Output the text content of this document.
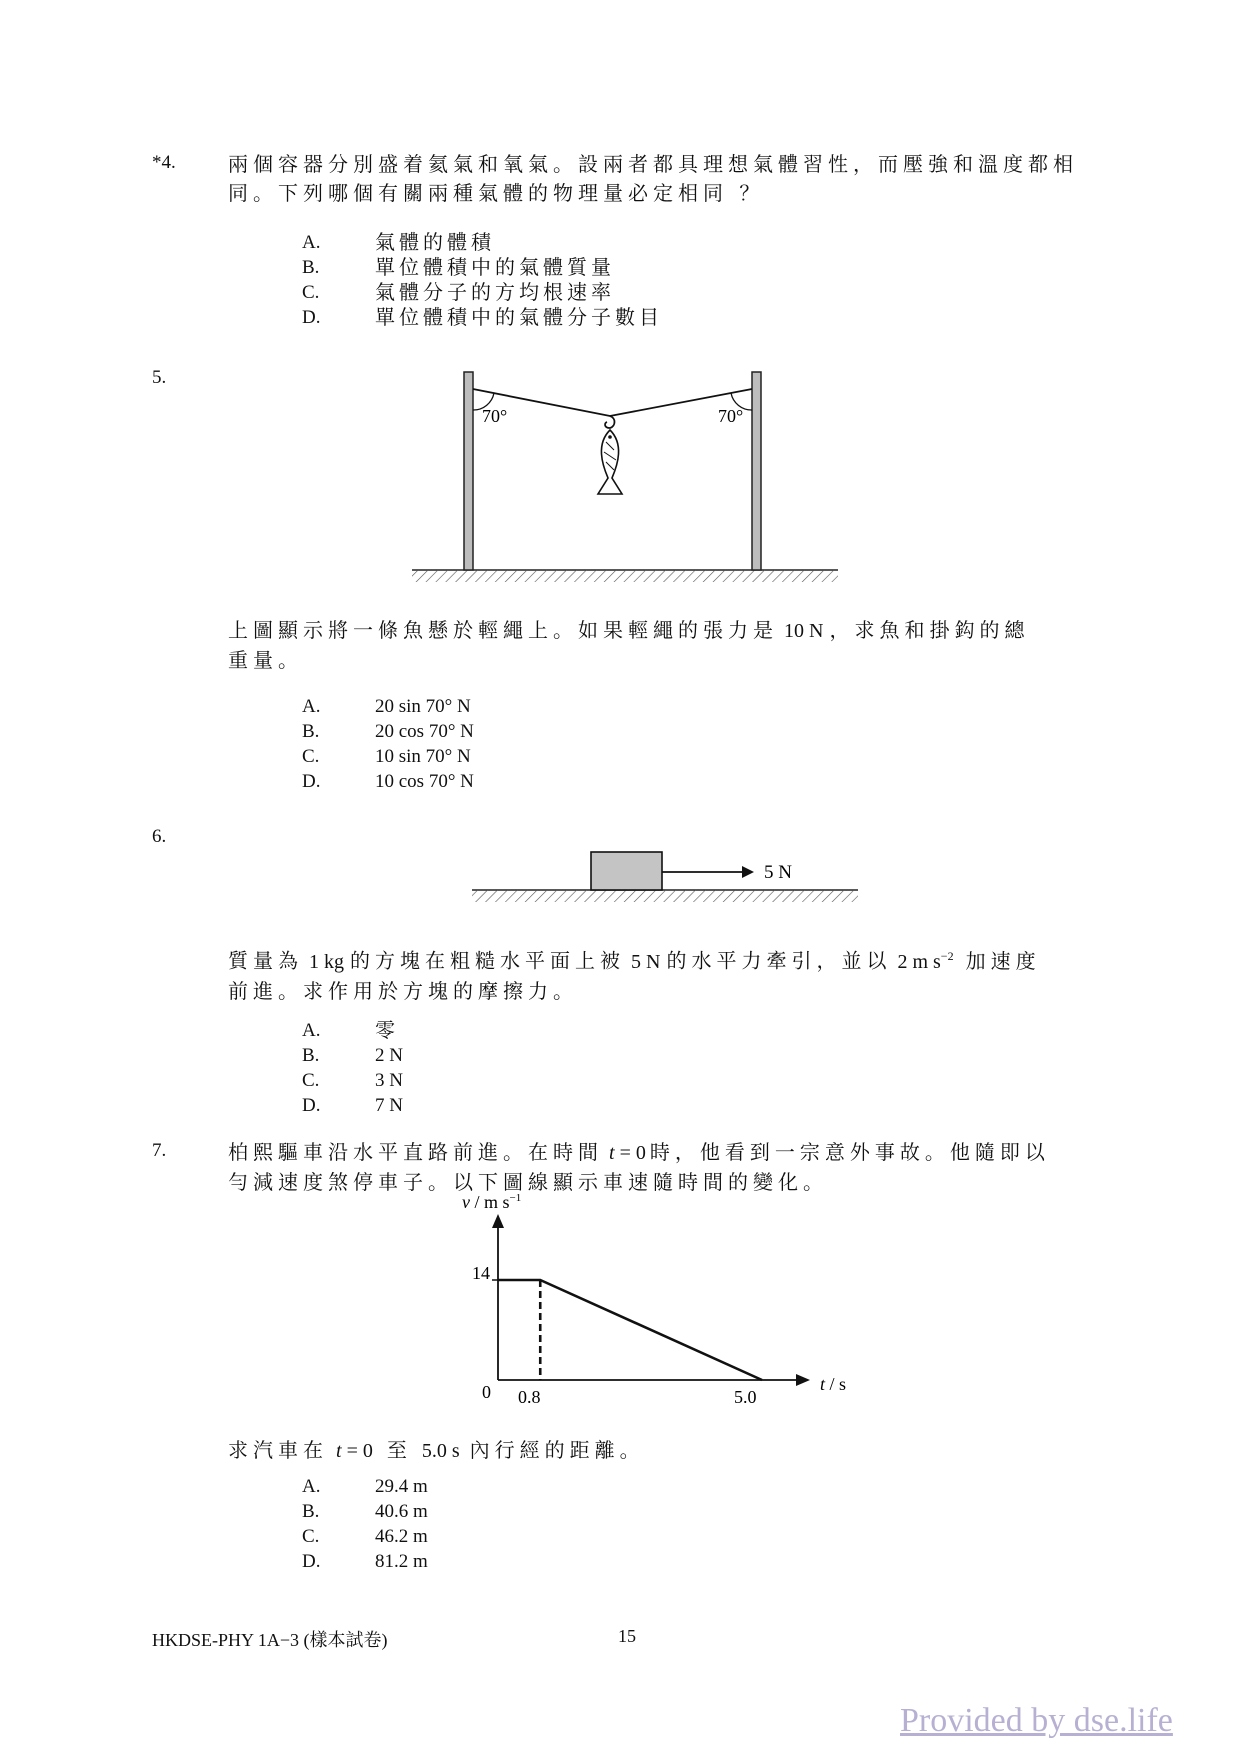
*4.	兩個容器分別盛着氦氣和氧氣。設兩者都具理想氣體習性，而壓強和溫度都相
同。下列哪個有關兩種氣體的物理量必定相同 ？
A.	氣體的體積
B.	單位體積中的氣體質量
C.	氣體分子的方均根速率
D.	單位體積中的氣體分子數目
5.
70°	70°
上圖顯示將一條魚懸於輕繩上。如果輕繩的張力是 10 N ，求魚和掛鈎的總
重量。
A.	20 sin 70° N
B.	20 cos 70° N
C.	10 sin 70° N
D.	10 cos 70° N
6.
5 N
質量為 1 kg 的方塊在粗糙水平面上被 5 N 的水平力牽引，並以 2 m $s^{-2}$ 加速度
前進。求作用於方塊的摩擦力。
A.	零
B.	2 N
C.	3 N
D.	7 N
7.	柏熙驅車沿水平直路前進。在時間 t = 0 時，他看到一宗意外事故。他隨即以
勻減速度煞停車子。以下圖線顯示車速隨時間的變化。
v / m $s^{-1}$
t / s
0
14
0.8	5.0
求汽車在 t = 0 至 5.0 s 內行經的距離。
A.	29.4 m
B.	40.6 m
C.	46.2 m
D.	81.2 m
HKDSE-PHY 1A−3 (樣本試卷)	15
Provided by dse.life
